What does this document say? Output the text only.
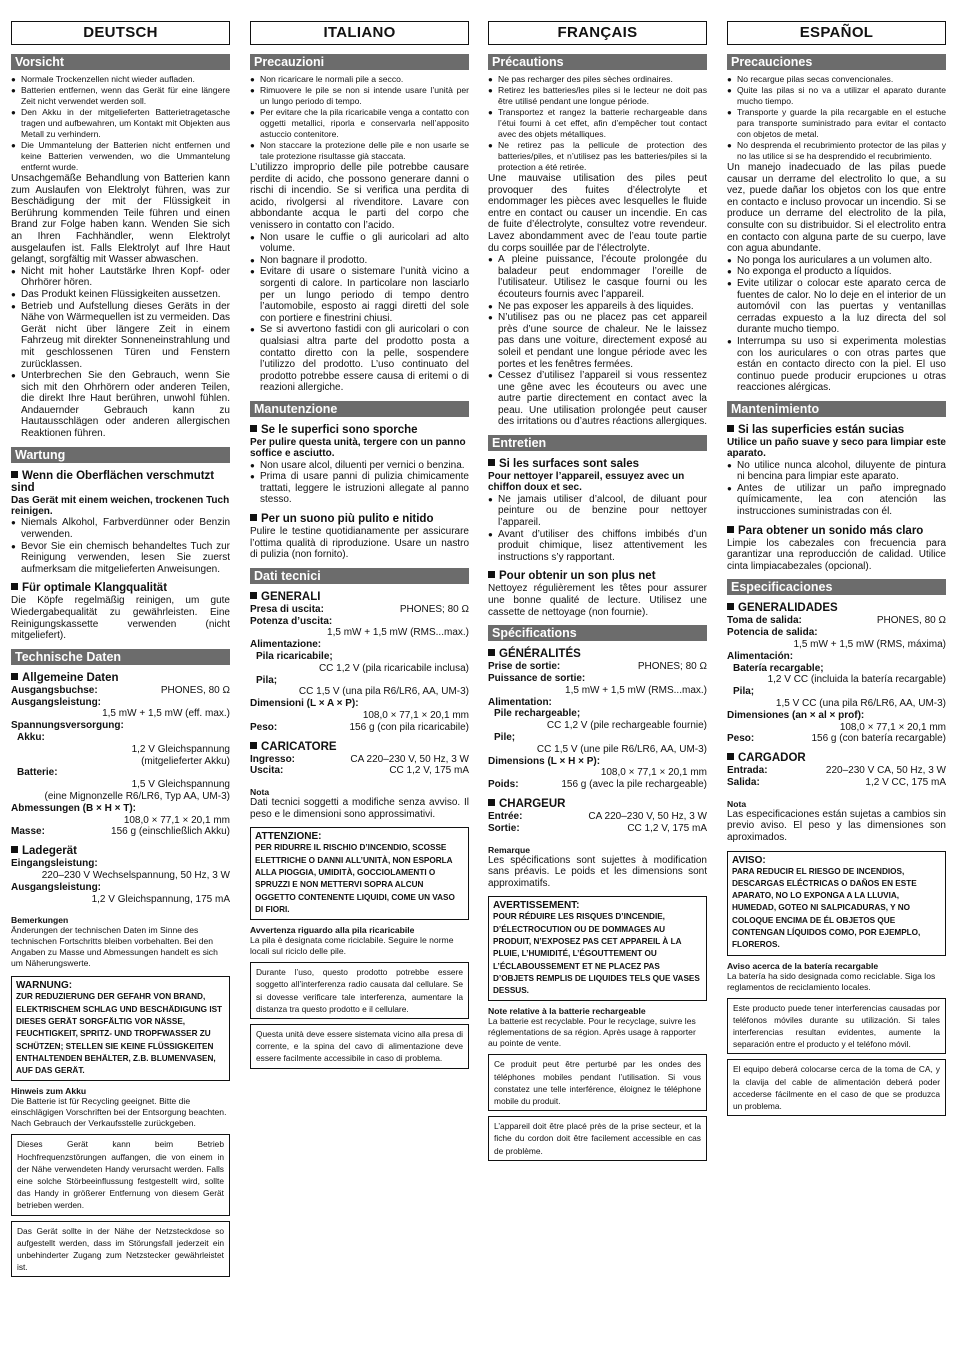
DEUTSCH
Vorsicht
● Normale Trockenzellen nicht wieder aufladen.
● Batterien entfernen, wenn das Gerät für eine längere Zeit nicht verwendet werden soll.
● Den Akku in der mitgelieferten Batterietragetasche tragen und aufbewahren, um Kontakt mit Objekten aus Metall zu verhindern.
● Die Ummantelung der Batterien nicht entfernen und keine Batterien verwenden, wo die Ummantelung entfernt wurde.
Unsachgemäße Behandlung von Batterien kann zum Auslaufen von Elektrolyt führen, was zur Beschädigung der mit der Flüssigkeit in Berührung kommenden Teile führen und einen Brand zur Folge haben kann. Wenden Sie sich an Ihren Fachhändler, wenn Elektrolyt ausgelaufen ist. Falls Elektrolyt auf Ihre Haut gelangt, sorgfältig mit Wasser abwaschen.
● Nicht mit hoher Lautstärke Ihren Kopf- oder Ohrhörer hören.
● Das Produkt keinen Flüssigkeiten aussetzen.
● Betrieb und Aufstellung dieses Geräts in der Nähe von Wärmequellen ist zu vermeiden. Das Gerät nicht über längere Zeit in einem Fahrzeug mit direkter Sonneneinstrahlung und mit geschlossenen Türen und Fenstern zurücklassen.
● Unterbrechen Sie den Gebrauch, wenn Sie sich mit den Ohrhörern oder anderen Teilen, die direkt Ihre Haut berühren, unwohl fühlen. Andauernder Gebrauch kann zu Hautausschlägen oder anderen allergischen Reaktionen führen.
Wartung
Wenn die Oberflächen verschmutzt sind
Das Gerät mit einem weichen, trockenen Tuch reinigen.
● Niemals Alkohol, Farbverdünner oder Benzin verwenden.
● Bevor Sie ein chemisch behandeltes Tuch zur Reinigung verwenden, lesen Sie zuerst aufmerksam die mitgelieferten Anweisungen.
Für optimale Klangqualität
Die Köpfe regelmäßig reinigen, um gute Wiedergabequalität zu gewährleisten. Eine Reinigungskassette verwenden (nicht mitgeliefert).
Technische Daten
Allgemeine Daten
Ausgangsbuchse:	PHONES, 80 Ω
Ausgangsleistung:
1,5 mW + 1,5 mW (eff. max.)
Spannungsversorgung:
Akku:
1,2 V Gleichspannung
(mitgelieferter Akku)
Batterie:
1,5 V Gleichspannung
(eine Mignonzelle R6/LR6, Typ AA, UM-3)
Abmessungen (B × H × T):
108,0 × 77,1 × 20,1 mm
Masse:	156 g (einschließlich Akku)
Ladegerät
Eingangsleistung:
220–230 V Wechselspannung, 50 Hz, 3 W
Ausgangsleistung:
1,2 V Gleichspannung, 175 mA
Bemerkungen
Änderungen der technischen Daten im Sinne des technischen Fortschritts bleiben vorbehalten. Bei den Angaben zu Masse und Abmessungen handelt es sich um Näherungswerte.
WARNUNG:
ZUR REDUZIERUNG DER GEFAHR VON BRAND, ELEKTRISCHEM SCHLAG UND BESCHÄDIGUNG IST DIESES GERÄT SORGFÄLTIG VOR NÄSSE, FEUCHTIGKEIT, SPRITZ- UND TROPFWASSER ZU SCHÜTZEN; STELLEN SIE KEINE FLÜSSIGKEITEN ENTHALTENDEN BEHÄLTER, Z.B. BLUMENVASEN, AUF DAS GERÄT.
Hinweis zum Akku
Die Batterie ist für Recycling geeignet. Bitte die einschlägigen Vorschriften bei der Entsorgung beachten. Nach Gebrauch der Verkaufsstelle zurückgeben.
Dieses Gerät kann beim Betrieb Hochfrequenzstörungen auffangen, die von einem in der Nähe verwendeten Handy verursacht werden. Falls eine solche Störbeeinflussung festgestellt wird, sollte das Handy in größerer Entfernung von diesem Gerät betrieben werden.
Das Gerät sollte in der Nähe der Netzsteckdose so aufgestellt werden, dass im Störungsfall jederzeit ein unbehinderter Zugang zum Netzstecker gewährleistet ist.
ITALIANO
Precauzioni
● Non ricaricare le normali pile a secco.
● Rimuovere le pile se non si intende usare l’unità per un lungo periodo di tempo.
● Per evitare che la pila ricaricabile venga a contatto con oggetti metallici, riporla e conservarla nell’apposito astuccio contenitore.
● Non staccare la protezione delle pile e non usarle se tale protezione risultasse già staccata.
L’utilizzo improprio delle pile potrebbe causare perdite di acido, che possono generare danni o rischi di incendio. Se si verifica una perdita di acido, rivolgersi al rivenditore. Lavare con abbondante acqua le parti del corpo che venissero in contatto con l’acido.
● Non usare le cuffie o gli auricolari ad alto volume.
● Non bagnare il prodotto.
● Evitare di usare o sistemare l’unità vicino a sorgenti di calore. In particolare non lasciarlo per un lungo periodo di tempo dentro l’automobile, esposto ai raggi diretti del sole con portiere e finestrini chiusi.
● Se si avvertono fastidi con gli auricolari o con qualsiasi altra parte del prodotto posta a contatto diretto con la pelle, sospendere l’utilizzo del prodotto. L’uso continuato del prodotto potrebbe essere causa di eritemi o di reazioni allergiche.
Manutenzione
Se le superfici sono sporche
Per pulire questa unità, tergere con un panno soffice e asciutto.
● Non usare alcol, diluenti per vernici o benzina.
● Prima di usare panni di pulizia chimicamente trattati, leggere le istruzioni allegate al panno stesso.
Per un suono più pulito e nitido
Pulire le testine quotidianamente per assicurare l’ottima qualità di riproduzione. Usare un nastro di pulizia (non fornito).
Dati tecnici
GENERALI
Presa di uscita:	PHONES; 80 Ω
Potenza d’uscita:
1,5 mW + 1,5 mW (RMS...max.)
Alimentazione:
Pila ricaricabile;
CC 1,2 V (pila ricaricabile inclusa)
Pila;
CC 1,5 V (una pila R6/LR6, AA, UM-3)
Dimensioni (L × A × P):
108,0 × 77,1 × 20,1 mm
Peso:	156 g (con pila ricaricabile)
CARICATORE
Ingresso:	CA 220–230 V, 50 Hz, 3 W
Uscita:	CC 1,2 V, 175 mA
Nota
Dati tecnici soggetti a modifiche senza avviso. Il peso e le dimensioni sono approssimativi.
ATTENZIONE:
PER RIDURRE IL RISCHIO D’INCENDIO, SCOSSE ELETTRICHE O DANNI ALL’UNITÀ, NON ESPORLA ALLA PIOGGIA, UMIDITÀ, GOCCIOLAMENTI O SPRUZZI E NON METTERVI SOPRA ALCUN OGGETTO CONTENENTE LIQUIDI, COME UN VASO DI FIORI.
Avvertenza riguardo alla pila ricaricabile
La pila è designata come riciclabile. Seguire le norme locali sul riciclo delle pile.
Durante l’uso, questo prodotto potrebbe essere soggetto all’interferenza radio causata dal cellulare. Se si dovesse verificare tale interferenza, aumentare la distanza tra questo prodotto e il cellulare.
Questa unità deve essere sistemata vicino alla presa di corrente, e la spina del cavo di alimentazione deve essere facilmente accessibile in caso di problema.
FRANÇAIS
Précautions
● Ne pas recharger des piles sèches ordinaires.
● Retirez les batteries/les piles si le lecteur ne doit pas être utilisé pendant une longue période.
● Transportez et rangez la batterie rechargeable dans l’étui fourni à cet effet, afin d’empêcher tout contact avec des objets métalliques.
● Ne retirez pas la pellicule de protection des batteries/piles, et n’utilisez pas les batteries/piles si la protection a été retirée.
Une mauvaise utilisation des piles peut provoquer des fuites d’électrolyte et endommager les pièces avec lesquelles le fluide entre en contact ou causer un incendie. En cas de fuite d’électrolyte, consultez votre revendeur. Lavez abondamment avec de l’eau toute partie du corps souillée par de l’électrolyte.
● A pleine puissance, l’écoute prolongée du baladeur peut endommager l’oreille de l’utilisateur. Utilisez le casque fourni ou les écouteurs fournis avec l’appareil.
● Ne pas exposer les appareils à des liquides.
● N’utilisez pas ou ne placez pas cet appareil près d’une source de chaleur. Ne le laissez pas dans une voiture, directement exposé au soleil et pendant une longue période avec les portes et les fenêtres fermées.
● Cessez d’utilisez l’appareil si vous ressentez une gêne avec les écouteurs ou avec une autre partie directement en contact avec la peau. Une utilisation prolongée peut causer des irritations ou d’autres réactions allergiques.
Entretien
Si les surfaces sont sales
Pour nettoyer l’appareil, essuyez avec un chiffon doux et sec.
● Ne jamais utiliser d’alcool, de diluant pour peinture ou de benzine pour nettoyer l’appareil.
● Avant d’utiliser des chiffons imbibés d’un produit chimique, lisez attentivement les instructions s’y rapportant.
Pour obtenir un son plus net
Nettoyez régulièrement les têtes pour assurer une bonne qualité de lecture. Utilisez une cassette de nettoyage (non fournie).
Spécifications
GÉNÉRALITÉS
Prise de sortie:	PHONES; 80 Ω
Puissance de sortie:
1,5 mW + 1,5 mW (RMS...max.)
Alimentation:
Pile rechargeable;
CC 1,2 V (pile rechargeable fournie)
Pile;
CC 1,5 V (une pile R6/LR6, AA, UM-3)
Dimensions (L × H × P):
108,0 × 77,1 × 20,1 mm
Poids:	156 g (avec la pile rechargeable)
CHARGEUR
Entrée:	CA 220–230 V, 50 Hz, 3 W
Sortie:	CC 1,2 V, 175 mA
Remarque
Les spécifications sont sujettes à modification sans préavis. Le poids et les dimensions sont approximatifs.
AVERTISSEMENT:
POUR RÉDUIRE LES RISQUES D’INCENDIE, D’ÉLECTROCUTION OU DE DOMMAGES AU PRODUIT, N’EXPOSEZ PAS CET APPAREIL À LA PLUIE, L’HUMIDITÉ, L’ÉGOUTTEMENT OU L’ÉCLABOUSSEMENT ET NE PLACEZ PAS D’OBJETS REMPLIS DE LIQUIDES TELS QUE VASES DESSUS.
Note relative à la batterie rechargeable
La batterie est recyclable. Pour le recyclage, suivre les réglementations de sa région. Après usage à rapporter au pointe de vente.
Ce produit peut être perturbé par les ondes des téléphones mobiles pendant l’utilisation. Si vous constatez une telle interférence, éloignez le téléphone mobile du produit.
L’appareil doit être placé près de la prise secteur, et la fiche du cordon doit être facilement accessible en cas de problème.
ESPAÑOL
Precauciones
● No recargue pilas secas convencionales.
● Quite las pilas si no va a utilizar el aparato durante mucho tiempo.
● Transporte y guarde la pila recargable en el estuche para transporte suministrado para evitar el contacto con objetos de metal.
● No desprenda el recubrimiento protector de las pilas y no las utilice si se ha desprendido el recubrimiento.
Un manejo inadecuado de las pilas puede causar un derrame del electrolito lo que, a su vez, puede dañar los objetos con los que entre en contacto e incluso provocar un incendio. Si se produce un derrame del electrolito de la pila, consulte con su distribuidor. Si el electrolito entra en contacto con alguna parte de su cuerpo, lave con agua abundante.
● No ponga los auriculares a un volumen alto.
● No exponga el producto a líquidos.
● Evite utilizar o colocar este aparato cerca de fuentes de calor. No lo deje en el interior de un automóvil con las puertas y ventanillas cerradas expuesto a la luz directa del sol durante mucho tiempo.
● Interrumpa su uso si experimenta molestias con los auriculares o con otras partes que están en contacto directo con la piel. El uso continuo puede producir erupciones u otras reacciones alérgicas.
Mantenimiento
Si las superficies están sucias
Utilice un paño suave y seco para limpiar este aparato.
● No utilice nunca alcohol, diluyente de pintura ni bencina para limpiar este aparato.
● Antes de utilizar un paño impregnado químicamente, lea con atención las instrucciones suministradas con él.
Para obtener un sonido más claro
Limpie los cabezales con frecuencia para garantizar una reproducción de calidad. Utilice cinta limpiacabezales (opcional).
Especificaciones
GENERALIDADES
Toma de salida:	PHONES, 80 Ω
Potencia de salida:
1,5 mW + 1,5 mW (RMS, máxima)
Alimentación:
Batería recargable;
1,2 V CC (incluida la batería recargable)
Pila;
1,5 V CC (una pila R6/LR6, AA, UM-3)
Dimensiones (an × al × prof):
108,0 × 77,1 × 20,1 mm
Peso:	156 g (con batería recargable)
CARGADOR
Entrada:	220–230 V CA, 50 Hz, 3 W
Salida:	1,2 V CC, 175 mA
Nota
Las especificaciones están sujetas a cambios sin previo aviso. El peso y las dimensiones son aproximados.
AVISO:
PARA REDUCIR EL RIESGO DE INCENDIOS, DESCARGAS ELÉCTRICAS O DAÑOS EN ESTE APARATO, NO LO EXPONGA A LA LLUVIA, HUMEDAD, GOTEO NI SALPICADURAS, Y NO COLOQUE ENCIMA DE ÉL OBJETOS QUE CONTENGAN LÍQUIDOS COMO, POR EJEMPLO, FLOREROS.
Aviso acerca de la batería recargable
La batería ha sido designada como reciclable. Siga los reglamentos de reciclamiento locales.
Este producto puede tener interferencias causadas por teléfonos móviles durante su utilización. Si tales interferencias resultan evidentes, aumente la separación entre el producto y el teléfono móvil.
El equipo deberá colocarse cerca de la toma de CA, y la clavija del cable de alimentación deberá poder accederse fácilmente en el caso de que se produzca un problema.
